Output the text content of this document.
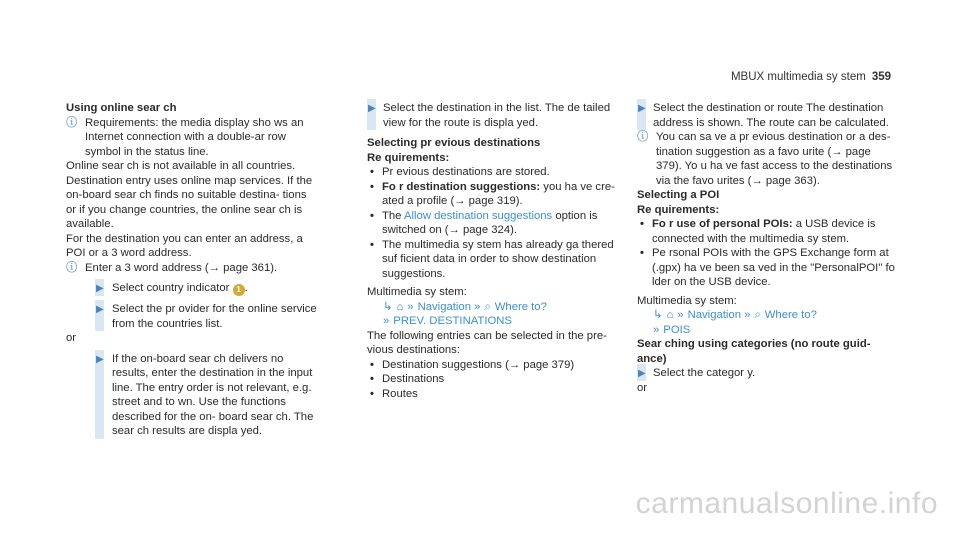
MBUX multimedia sy stem 359

Using online sear ch

ⓘ Requirements: the media display sho ws an Internet connection with a double-ar row symbol in the status line.

Online sear ch is not available in all countries.

Destination entry uses online map services. If the on-board sear ch finds no suitable destina- tions or if you change countries, the online sear ch is available.

For the destination you can enter an address, a POI or a 3 word address.

ⓘ Enter a 3 word address (→ page 361).
▶ Select country indicator 1 .
▶ Select the pr ovider for the online service from the countries list.

or

▶ If the on-board sear ch delivers no results, enter the destination in the input line. The entry order is not relevant, e.g. street and to wn. Use the functions described for the on- board sear ch. The sear ch results are displa yed.
▶ Select the destination in the list. The de tailed view for the route is displa yed.

Selecting pr evious destinations

Re quirements:

• Pr evious destinations are stored.
• Fo r destination suggestions: you ha ve cre- ated a profile (→ page 319).
• The Allow destination suggestions option is switched on (→ page 324).
• The multimedia sy stem has already ga thered suf ficient data in order to show destination suggestions.

Multimedia sy stem:

↳ ⌂ » Navigation » ⌕ Where to?
» PREV. DESTINATIONS

The following entries can be selected in the pre‐ vious destinations:

• Destination suggestions (→ page 379)
• Destinations
• Routes
▶ Select the destination or route The destination address is shown. The route can be calculated.
ⓘ You can sa ve a pr evious destination or a des‐ tination suggestion as a favo urite (→ page 379). Yo u ha ve fast access to the destinations via the favo urites (→ page 363).

Selecting a POI

Re quirements:

• Fo r use of personal POIs: a USB device is connected with the multimedia sy stem.
• Pe rsonal POIs with the GPS Exchange form at (.gpx) ha ve been sa ved in the "PersonalPOI" fo lder on the USB device.

Multimedia sy stem:

↳ ⌂ » Navigation » ⌕ Where to?
» POIS

Sear ching using categories (no route guid‐ ance)

▶ Select the categor y.

or

carmanualsonline.info
